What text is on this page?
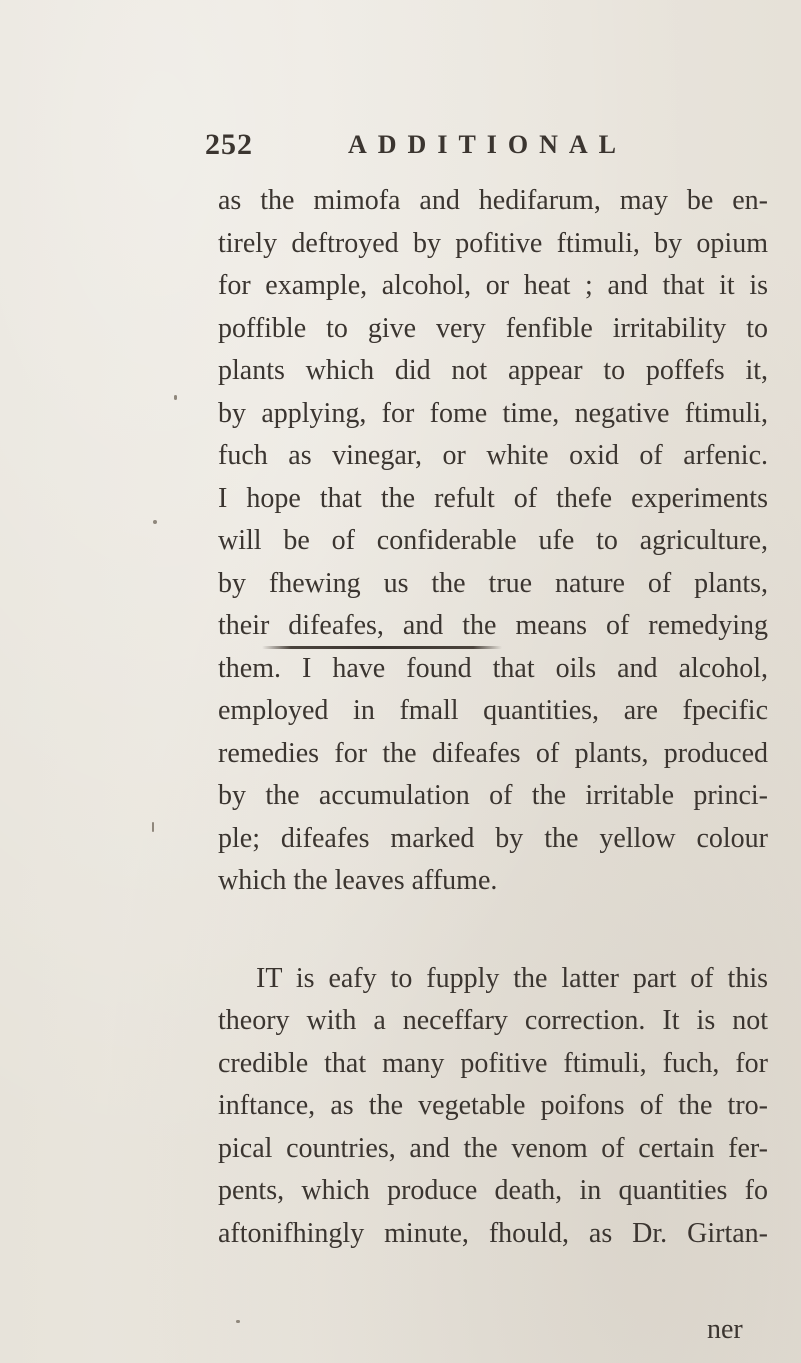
252	ADDITIONAL
as the mimofa and hedifarum, may be en-
tirely deftroyed by pofitive ftimuli, by opium
for example, alcohol, or heat ; and that it is
poffible to give very fenfible irritability to
plants which did not appear to poffefs it,
by applying, for fome time, negative ftimuli,
fuch as vinegar, or white oxid of arfenic.
I hope that the refult of thefe experiments
will be of confiderable ufe to agriculture,
by fhewing us the true nature of plants,
their difeafes, and the means of remedying
them. I have found that oils and alcohol,
employed in fmall quantities, are fpecific
remedies for the difeafes of plants, produced
by the accumulation of the irritable princi-
ple; difeafes marked by the yellow colour
which the leaves affume.
IT is eafy to fupply the latter part of this
theory with a neceffary correction. It is not
credible that many pofitive ftimuli, fuch, for
inftance, as the vegetable poifons of the tro-
pical countries, and the venom of certain fer-
pents, which produce death, in quantities fo
aftonifhingly minute, fhould, as Dr. Girtan-
ner
